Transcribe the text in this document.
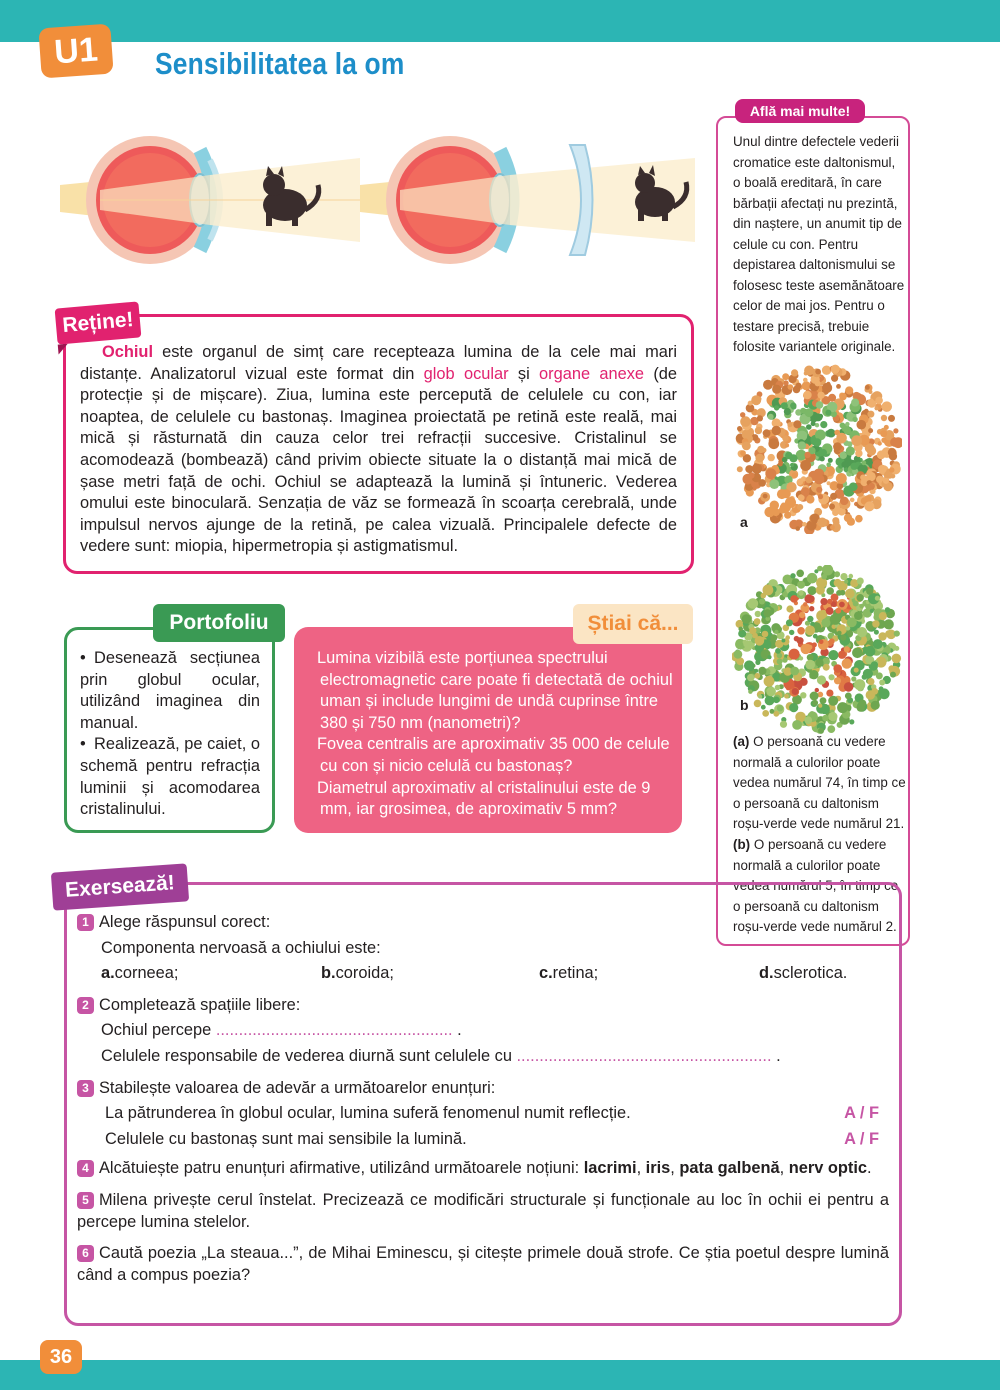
U1	Sensibilitatea la om
Reține!

Ochiul este organul de simț care recepteaza lumina de la cele mai mari distanțe. Analizatorul vizual este format din glob ocular și organe anexe (de protecție și de mișcare). Ziua, lumina este percepută de celulele cu con, iar noaptea, de celulele cu bastonaș. Imaginea proiectată pe retină este reală, mai mică și răsturnată din cauza celor trei refracții succesive. Cristalinul se acomodează (bombează) când privim obiecte situate la o distanță mai mică de șase metri față de ochi. Ochiul se adaptează la lumină și întuneric. Vederea omului este binoculară. Senzația de văz se formează în scoarța cerebrală, unde impulsul nervos ajunge de la retină, pe calea vizuală. Principalele defecte de vedere sunt: miopia, hipermetropia și astigmatismul.

Află mai multe!

Unul dintre defectele vederii cromatice este daltonismul, o boală ereditară, în care bărbații afectați nu prezintă, din naștere, un anumit tip de celule cu con. Pentru depistarea daltonismului se folosesc teste asemănătoare celor de mai jos. Pentru o testare precisă, trebuie folosite variantele originale.

a
b

(a) O persoană cu vedere normală a culorilor poate vedea numărul 74, în timp ce o persoană cu daltonism roșu-verde vede numărul 21.

(b) O persoană cu vedere normală a culorilor poate vedea numărul 5, în timp ce o persoană cu daltonism roșu-verde vede numărul 2.

Portofoliu

• Desenează secțiunea prin globul ocular, utilizând imaginea din manual.

• Realizează, pe caiet, o schemă pentru refracția luminii și acomodarea cristalinului.

Știai că...

• Lumina vizibilă este porțiunea spectrului electromagnetic care poate fi detectată de ochiul uman și include lungimi de undă cuprinse între 380 și 750 nm (nanometri)?

• Fovea centralis are aproximativ 35 000 de celule cu con și nicio celulă cu bastonaș?

• Diametrul aproximativ al cristalinului este de 9 mm, iar grosimea, de aproximativ 5 mm?

Exersează!

1 Alege răspunsul corect:

Componenta nervoasă a ochiului este:

a.corneea;	b.coroida;	c.retina;	d.sclerotica.

2 Completează spațiile libere:

Ochiul percepe .................................................... .

Celulele responsabile de vederea diurnă sunt celulele cu ........................................................ .

3 Stabilește valoarea de adevăr a următoarelor enunțuri:

La pătrunderea în globul ocular, lumina suferă fenomenul numit reflecție.	A / F

Celulele cu bastonaș sunt mai sensibile la lumină.	A / F

4 Alcătuiește patru enunțuri afirmative, utilizând următoarele noțiuni: lacrimi, iris, pata galbenă, nerv optic.

5 Milena privește cerul înstelat. Precizează ce modificări structurale și funcționale au loc în ochii ei pentru a percepe lumina stelelor.

6 Caută poezia „La steaua...”, de Mihai Eminescu, și citește primele două strofe. Ce știa poetul despre lumină când a compus poezia?

36
